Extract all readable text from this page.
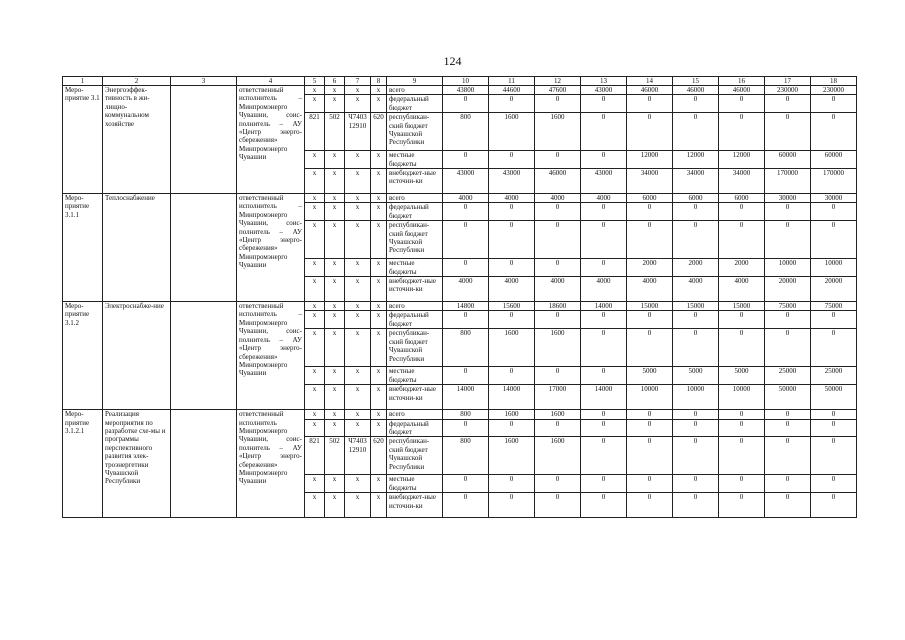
124
1	2	3	4	5	6	7	8	9	10	11	12	13	14	15	16	17	18
Меро-приятие 3.1	Энергоэффек-тивность в жи-лищно-коммунальном хозяйстве		ответственный исполнитель – Минпромэнерго Чувашии, соис-полнитель – АУ «Центр энерго-сбережения» Минпромэнерго Чувашии	x	x	x	x	всего	43800	44600	47600	43000	46000	46000	46000	230000	230000
				x	x	x	x	федеральный бюджет	0	0	0	0	0	0	0	0	0
				821	502	Ч7403 12910	620	республикан-ский бюджет Чувашской Республики	800	1600	1600	0	0	0	0	0	0
				x	x	x	x	местные бюджеты	0	0	0	0	12000	12000	12000	60000	60000
				x	x	x	x	внебюджет-ные источни-ки	43000	43000	46000	43000	34000	34000	34000	170000	170000
Меро-приятие 3.1.1	Теплоснабжение		ответственный исполнитель – Минпромэнерго Чувашии, соис-полнитель – АУ «Центр энерго-сбережения» Минпромэнерго Чувашии	x	x	x	x	всего	4000	4000	4000	4000	6000	6000	6000	30000	30000
				x	x	x	x	федеральный бюджет	0	0	0	0	0	0	0	0	0
				x	x	x	x	республикан-ский бюджет Чувашской Республики	0	0	0	0	0	0	0	0	0
				x	x	x	x	местные бюджеты	0	0	0	0	2000	2000	2000	10000	10000
				x	x	x	x	внебюджет-ные источни-ки	4000	4000	4000	4000	4000	4000	4000	20000	20000
Меро-приятие 3.1.2	Электроснабже-ние		ответственный исполнитель – Минпромэнерго Чувашии, соис-полнитель – АУ «Центр энерго-сбережения» Минпромэнерго Чувашии	x	x	x	x	всего	14800	15600	18600	14000	15000	15000	15000	75000	75000
				x	x	x	x	федеральный бюджет	0	0	0	0	0	0	0	0	0
				x	x	x	x	республикан-ский бюджет Чувашской Республики	800	1600	1600	0	0	0	0	0	0
				x	x	x	x	местные бюджеты	0	0	0	0	5000	5000	5000	25000	25000
				x	x	x	x	внебюджет-ные источни-ки	14000	14000	17000	14000	10000	10000	10000	50000	50000
Меро-приятие 3.1.2.1	Реализация мероприятия по разработке схе-мы и программы перспективного развития элек-троэнергетики Чувашской Республики		ответственный исполнитель Минпромэнерго Чувашии, соис-полнитель – АУ «Центр энерго-сбережения» Минпромэнерго Чувашии	x	x	x	x	всего	800	1600	1600	0	0	0	0	0	0
				x	x	x	x	федеральный бюджет	0	0	0	0	0	0	0	0	0
				821	502	Ч7403 12910	620	республикан-ский бюджет Чувашской Республики	800	1600	1600	0	0	0	0	0	0
				x	x	x	x	местные бюджеты	0	0	0	0	0	0	0	0	0
				x	x	x	x	внебюджет-ные источни-ки	0	0	0	0	0	0	0	0	0
